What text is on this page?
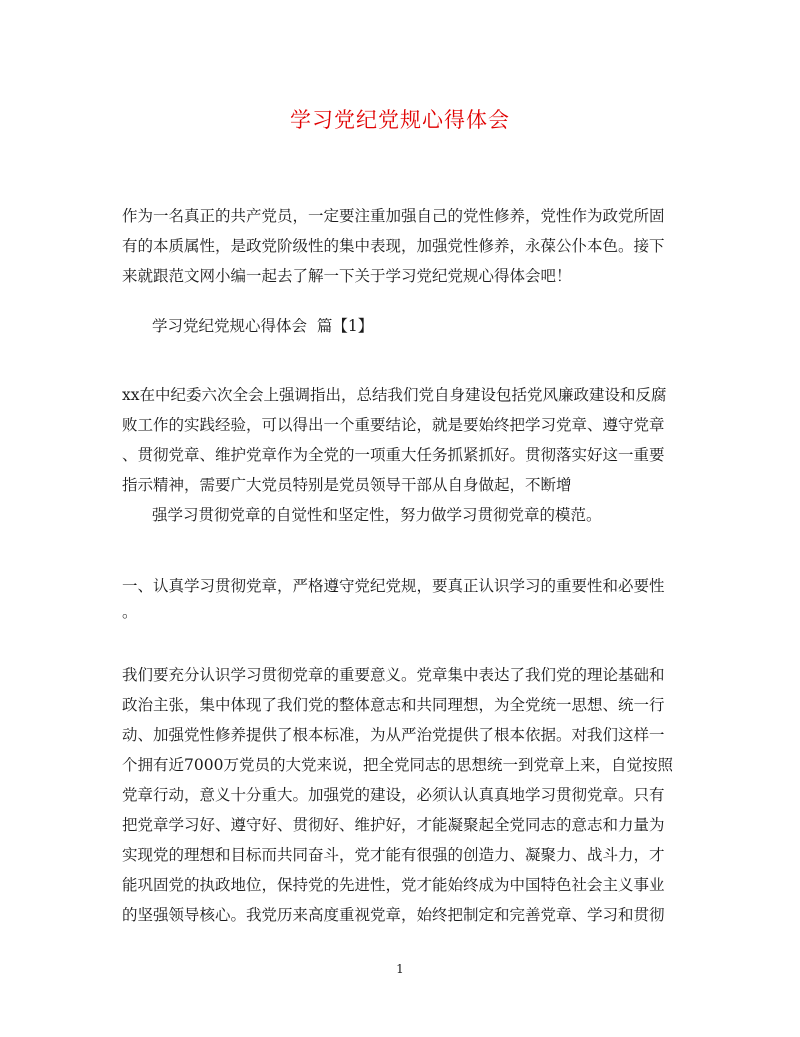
学习党纪党规心得体会
作为一名真正的共产党员，一定要注重加强自己的党性修养，党性作为政党所固
有的本质属性，是政党阶级性的集中表现，加强党性修养，永葆公仆本色。接下
来就跟范文网小编一起去了解一下关于学习党纪党规心得体会吧！
学习党纪党规心得体会  篇【1】
xx在中纪委六次全会上强调指出，总结我们党自身建设包括党风廉政建设和反腐
败工作的实践经验，可以得出一个重要结论，就是要始终把学习党章、遵守党章
、贯彻党章、维护党章作为全党的一项重大任务抓紧抓好。贯彻落实好这一重要
指示精神，需要广大党员特别是党员领导干部从自身做起，不断增
强学习贯彻党章的自觉性和坚定性，努力做学习贯彻党章的模范。
一、认真学习贯彻党章，严格遵守党纪党规，要真正认识学习的重要性和必要性
。
我们要充分认识学习贯彻党章的重要意义。党章集中表达了我们党的理论基础和
政治主张，集中体现了我们党的整体意志和共同理想，为全党统一思想、统一行
动、加强党性修养提供了根本标准，为从严治党提供了根本依据。对我们这样一
个拥有近7000万党员的大党来说，把全党同志的思想统一到党章上来，自觉按照
党章行动，意义十分重大。加强党的建设，必须认认真真地学习贯彻党章。只有
把党章学习好、遵守好、贯彻好、维护好，才能凝聚起全党同志的意志和力量为
实现党的理想和目标而共同奋斗，党才能有很强的创造力、凝聚力、战斗力，才
能巩固党的执政地位，保持党的先进性，党才能始终成为中国特色社会主义事业
的坚强领导核心。我党历来高度重视党章，始终把制定和完善党章、学习和贯彻
1
